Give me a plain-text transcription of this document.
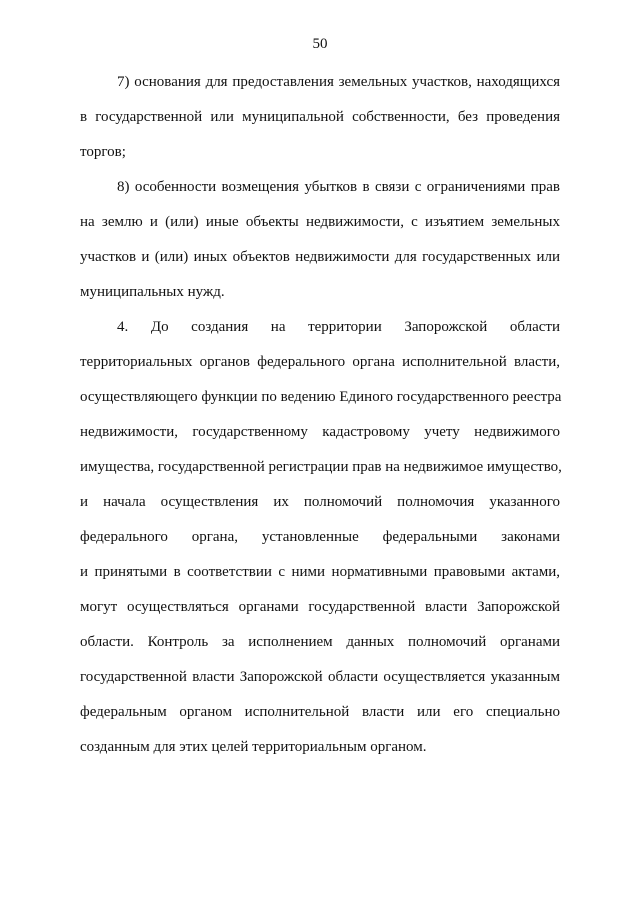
50
7) основания для предоставления земельных участков, находящихся
в государственной или муниципальной собственности, без проведения
торгов;
8) особенности возмещения убытков в связи с ограничениями прав
на землю и (или) иные объекты недвижимости, с изъятием земельных
участков и (или) иных объектов недвижимости для государственных или
муниципальных нужд.
4. До создания на территории Запорожской области
территориальных органов федерального органа исполнительной власти,
осуществляющего функции по ведению Единого государственного реестра
недвижимости, государственному кадастровому учету недвижимого
имущества, государственной регистрации прав на недвижимое имущество,
и начала осуществления их полномочий полномочия указанного
федерального органа, установленные федеральными законами
и принятыми в соответствии с ними нормативными правовыми актами,
могут осуществляться органами государственной власти Запорожской
области. Контроль за исполнением данных полномочий органами
государственной власти Запорожской области осуществляется указанным
федеральным органом исполнительной власти или его специально
созданным для этих целей территориальным органом.
